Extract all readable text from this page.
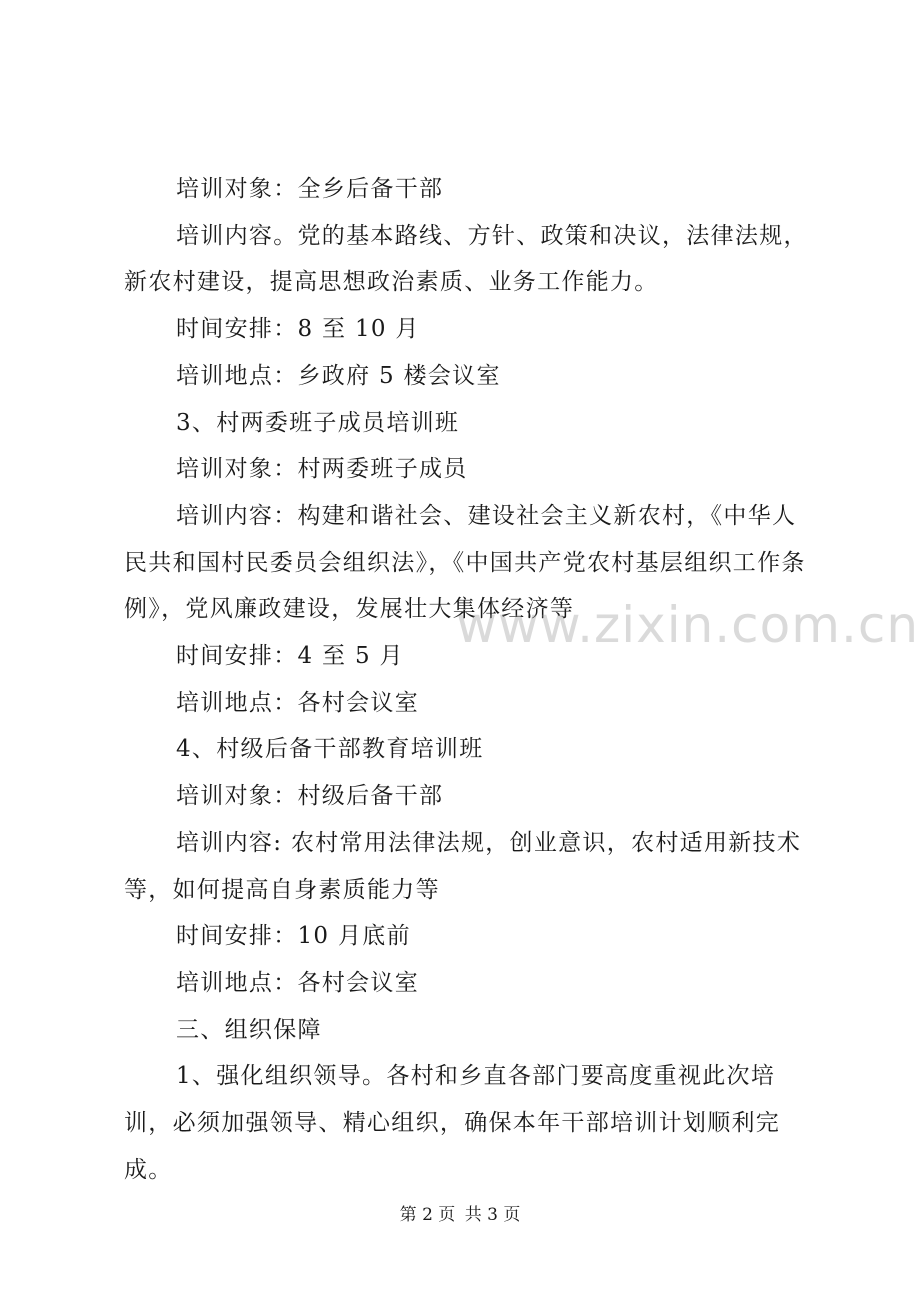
培训对象：全乡后备干部

培训内容。党的基本路线、方针、政策和决议，法律法规，新农村建设，提高思想政治素质、业务工作能力。

时间安排：8 至 10 月

培训地点：乡政府 5 楼会议室

3、村两委班子成员培训班

培训对象：村两委班子成员

培训内容：构建和谐社会、建设社会主义新农村，《中华人民共和国村民委员会组织法》，《中国共产党农村基层组织工作条例》，党风廉政建设，发展壮大集体经济等

时间安排：4 至 5 月

培训地点：各村会议室

4、村级后备干部教育培训班

培训对象：村级后备干部

培训内容: 农村常用法律法规，创业意识，农村适用新技术等，如何提高自身素质能力等

时间安排：10 月底前

培训地点：各村会议室

三、组织保障

1、强化组织领导。各村和乡直各部门要高度重视此次培训，必须加强领导、精心组织，确保本年干部培训计划顺利完成。

www.zixin.com.cn
第 2 页 共 3 页
